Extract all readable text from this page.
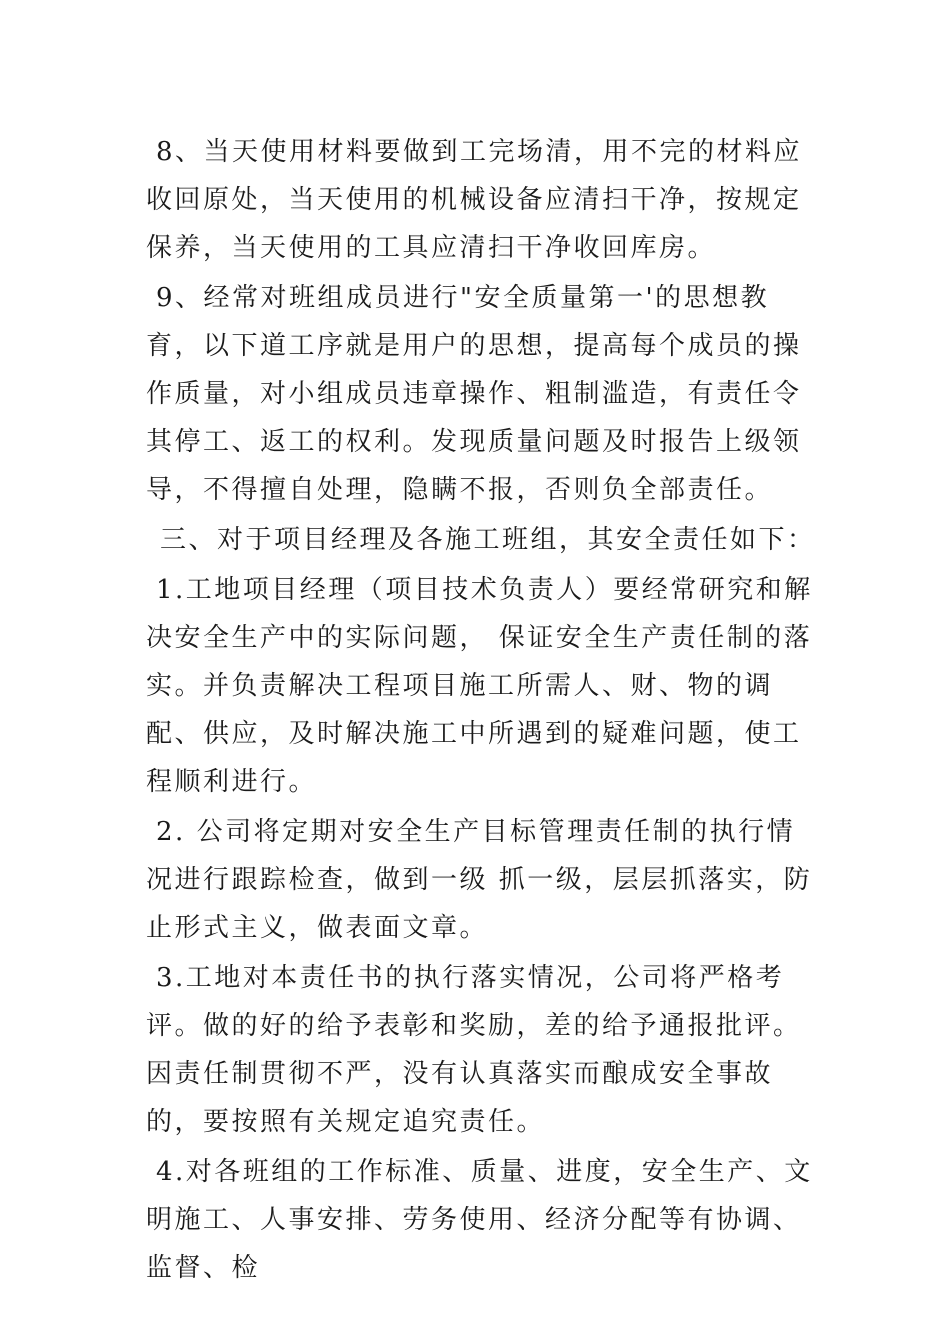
8、当天使用材料要做到工完场清，用不完的材料应收回原处，当天使用的机械设备应清扫干净，按规定保养，当天使用的工具应清扫干净收回库房。

9、经常对班组成员进行"安全质量第一'的思想教育，以下道工序就是用户的思想，提高每个成员的操作质量，对小组成员违章操作、粗制滥造，有责任令其停工、返工的权利。发现质量问题及时报告上级领导，不得擅自处理，隐瞒不报，否则负全部责任。

三、对于项目经理及各施工班组，其安全责任如下：

1.工地项目经理（项目技术负责人）要经常研究和解决安全生产中的实际问题， 保证安全生产责任制的落实。并负责解决工程项目施工所需人、财、物的调配、供应，及时解决施工中所遇到的疑难问题，使工程顺利进行。

2. 公司将定期对安全生产目标管理责任制的执行情况进行跟踪检查，做到一级 抓一级，层层抓落实，防止形式主义，做表面文章。

3.工地对本责任书的执行落实情况，公司将严格考评。做的好的给予表彰和奖励，差的给予通报批评。因责任制贯彻不严，没有认真落实而酿成安全事故的，要按照有关规定追究责任。

4.对各班组的工作标准、质量、进度，安全生产、文明施工、人事安排、劳务使用、经济分配等有协调、监督、检
